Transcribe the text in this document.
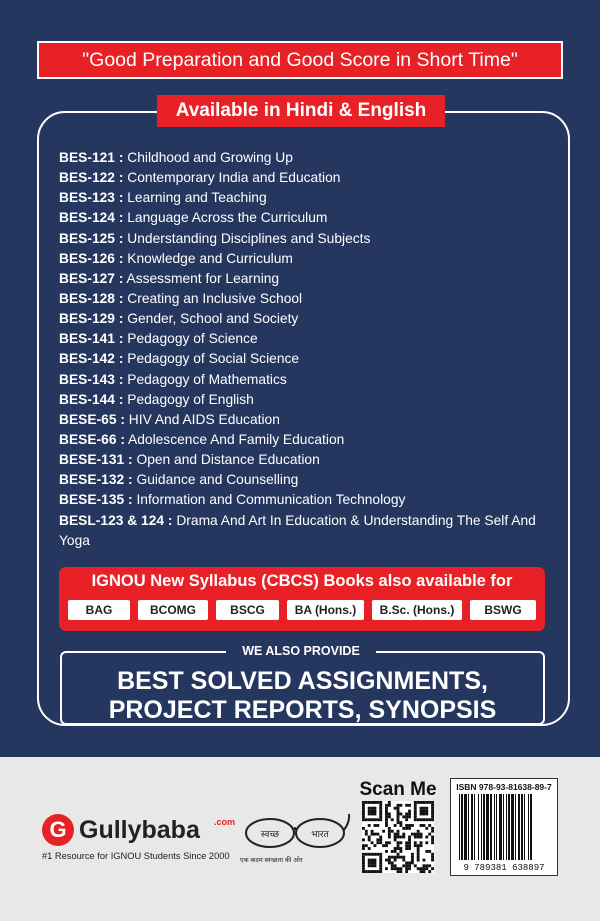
"Good Preparation and Good Score in Short Time"
Available in Hindi & English
BES-121 : Childhood and Growing Up
BES-122 : Contemporary India and Education
BES-123 : Learning and Teaching
BES-124 : Language Across the Curriculum
BES-125 : Understanding Disciplines and Subjects
BES-126 : Knowledge and Curriculum
BES-127 : Assessment for Learning
BES-128 : Creating an Inclusive School
BES-129 : Gender, School and Society
BES-141 : Pedagogy of Science
BES-142 : Pedagogy of Social Science
BES-143 : Pedagogy of Mathematics
BES-144 : Pedagogy of English
BESE-65 : HIV And AIDS Education
BESE-66 : Adolescence And Family Education
BESE-131 : Open and Distance Education
BESE-132 : Guidance and Counselling
BESE-135 : Information and Communication Technology
BESL-123 & 124 : Drama And Art In Education & Understanding The Self And Yoga
IGNOU New Syllabus (CBCS) Books also available for
BAG	BCOMG	BSCG	BA (Hons.)	B.Sc. (Hons.)	BSWG
WE ALSO PROVIDE
BEST SOLVED ASSIGNMENTS,
PROJECT REPORTS, SYNOPSIS
G Gullybaba .com
#1 Resource for IGNOU Students Since 2000
स्वच्छ	भारत
एक कदम स्वच्छता की ओर
Scan Me	ISBN 978-93-81638-89-7
9 789381 638897
